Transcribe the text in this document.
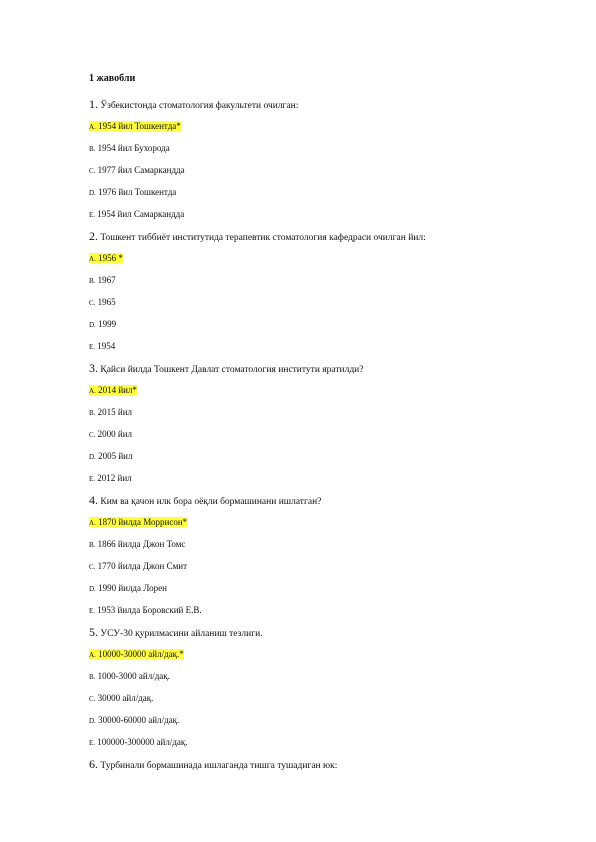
1 жавобли
1. Ўзбекистонда стоматология факультети очилган:
A. 1954 йил Тошкентда*
B. 1954 йил Бухорода
C. 1977 йил Самаркандда
D. 1976 йил Тошкентда
E. 1954 йил Самаркандда
2. Тошкент тиббиёт институтида терапевтик стоматология кафедраси очилган йил:
A. 1956 *
B. 1967
C. 1965
D. 1999
E. 1954
3. Қайси йилда Тошкент Давлат стоматология институти яратилди?
A. 2014 йил*
B. 2015 йил
C. 2000 йил
D. 2005 йил
E. 2012 йил
4. Ким ва қачон илк бора оёқли бормашинани ишлатган?
A. 1870 йилда Моррисон*
B. 1866 йилда Джон Томс
C. 1770 йилда Джон Смит
D. 1990 йилда Лорен
E. 1953 йилда Боровский Е.В.
5. УСУ-30 қурилмасини айланиш тезлиги.
A. 10000-30000 айл/дақ.*
B. 1000-3000 айл/дақ.
C. 30000 айл/дақ.
D. 30000-60000 айл/дақ.
E. 100000-300000 айл/дақ.
6. Турбинали бормашинада ишлаганда тишга тушадиган юк:
